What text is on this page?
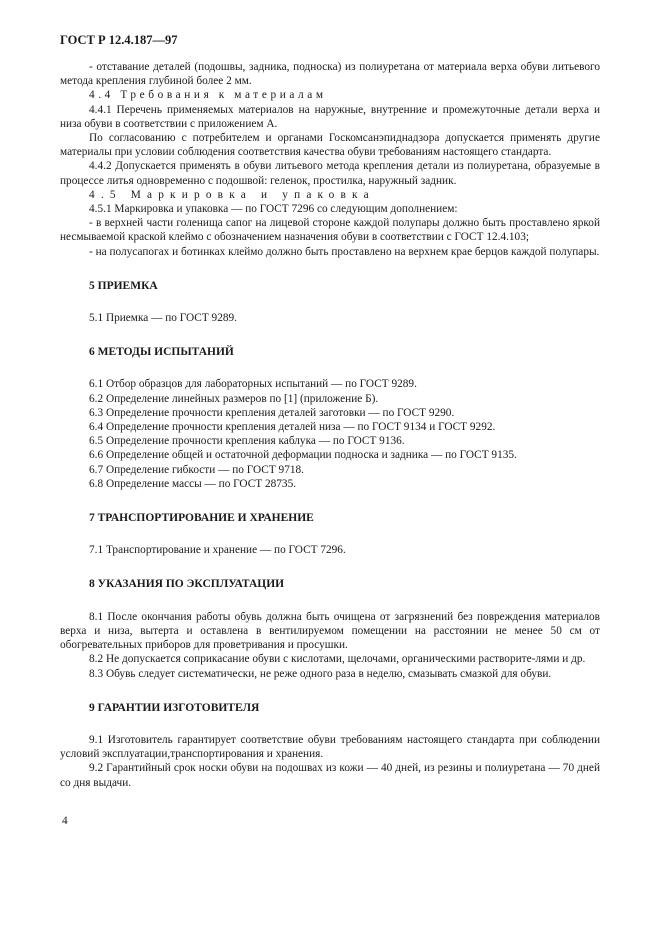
ГОСТ Р 12.4.187—97

- отставание деталей (подошвы, задника, подноска) из полиуретана от материала верха обуви литьевого метода крепления глубиной более 2 мм.

4.4 Требования к материалам

4.4.1 Перечень применяемых материалов на наружные, внутренние и промежуточные детали верха и низа обуви в соответствии с приложением А.

По согласованию с потребителем и органами Госкомсанэпиднадзора допускается применять другие материалы при условии соблюдения соответствия качества обуви требованиям настоящего стандарта.

4.4.2 Допускается применять в обуви литьевого метода крепления детали из полиуретана, образуемые в процессе литья одновременно с подошвой: геленок, простилка, наружный задник.

4.5 Маркировка и упаковка

4.5.1 Маркировка и упаковка — по ГОСТ 7296 со следующим дополнением:

- в верхней части голенища сапог на лицевой стороне каждой полупары должно быть проставлено яркой несмываемой краской клеймо с обозначением назначения обуви в соответствии с ГОСТ 12.4.103;

- на полусапогах и ботинках клеймо должно быть проставлено на верхнем крае берцов каждой полупары.

5 ПРИЕМКА

5.1 Приемка — по ГОСТ 9289.

6 МЕТОДЫ ИСПЫТАНИЙ

6.1 Отбор образцов для лабораторных испытаний — по ГОСТ 9289.

6.2 Определение линейных размеров по [1] (приложение Б).

6.3 Определение прочности крепления деталей заготовки — по ГОСТ 9290.

6.4 Определение прочности крепления деталей низа — по ГОСТ 9134 и ГОСТ 9292.

6.5 Определение прочности крепления каблука — по ГОСТ 9136.

6.6 Определение общей и остаточной деформации подноска и задника — по ГОСТ 9135.

6.7 Определение гибкости — по ГОСТ 9718.

6.8 Определение массы — по ГОСТ 28735.

7 ТРАНСПОРТИРОВАНИЕ И ХРАНЕНИЕ

7.1 Транспортирование и хранение — по ГОСТ 7296.

8 УКАЗАНИЯ ПО ЭКСПЛУАТАЦИИ

8.1 После окончания работы обувь должна быть очищена от загрязнений без повреждения материалов верха и низа, вытерта и оставлена в вентилируемом помещении на расстоянии не менее 50 см от обогревательных приборов для проветривания и просушки.

8.2 Не допускается соприкасание обуви с кислотами, щелочами, органическими растворите-лями и др.

8.3 Обувь следует систематически, не реже одного раза в неделю, смазывать смазкой для обуви.

9 ГАРАНТИИ ИЗГОТОВИТЕЛЯ

9.1 Изготовитель гарантирует соответствие обуви требованиям настоящего стандарта при соблюдении условий эксплуатации,транспортирования и хранения.

9.2 Гарантийный срок носки обуви на подошвах из кожи — 40 дней, из резины и полиуретана — 70 дней со дня выдачи.

4
